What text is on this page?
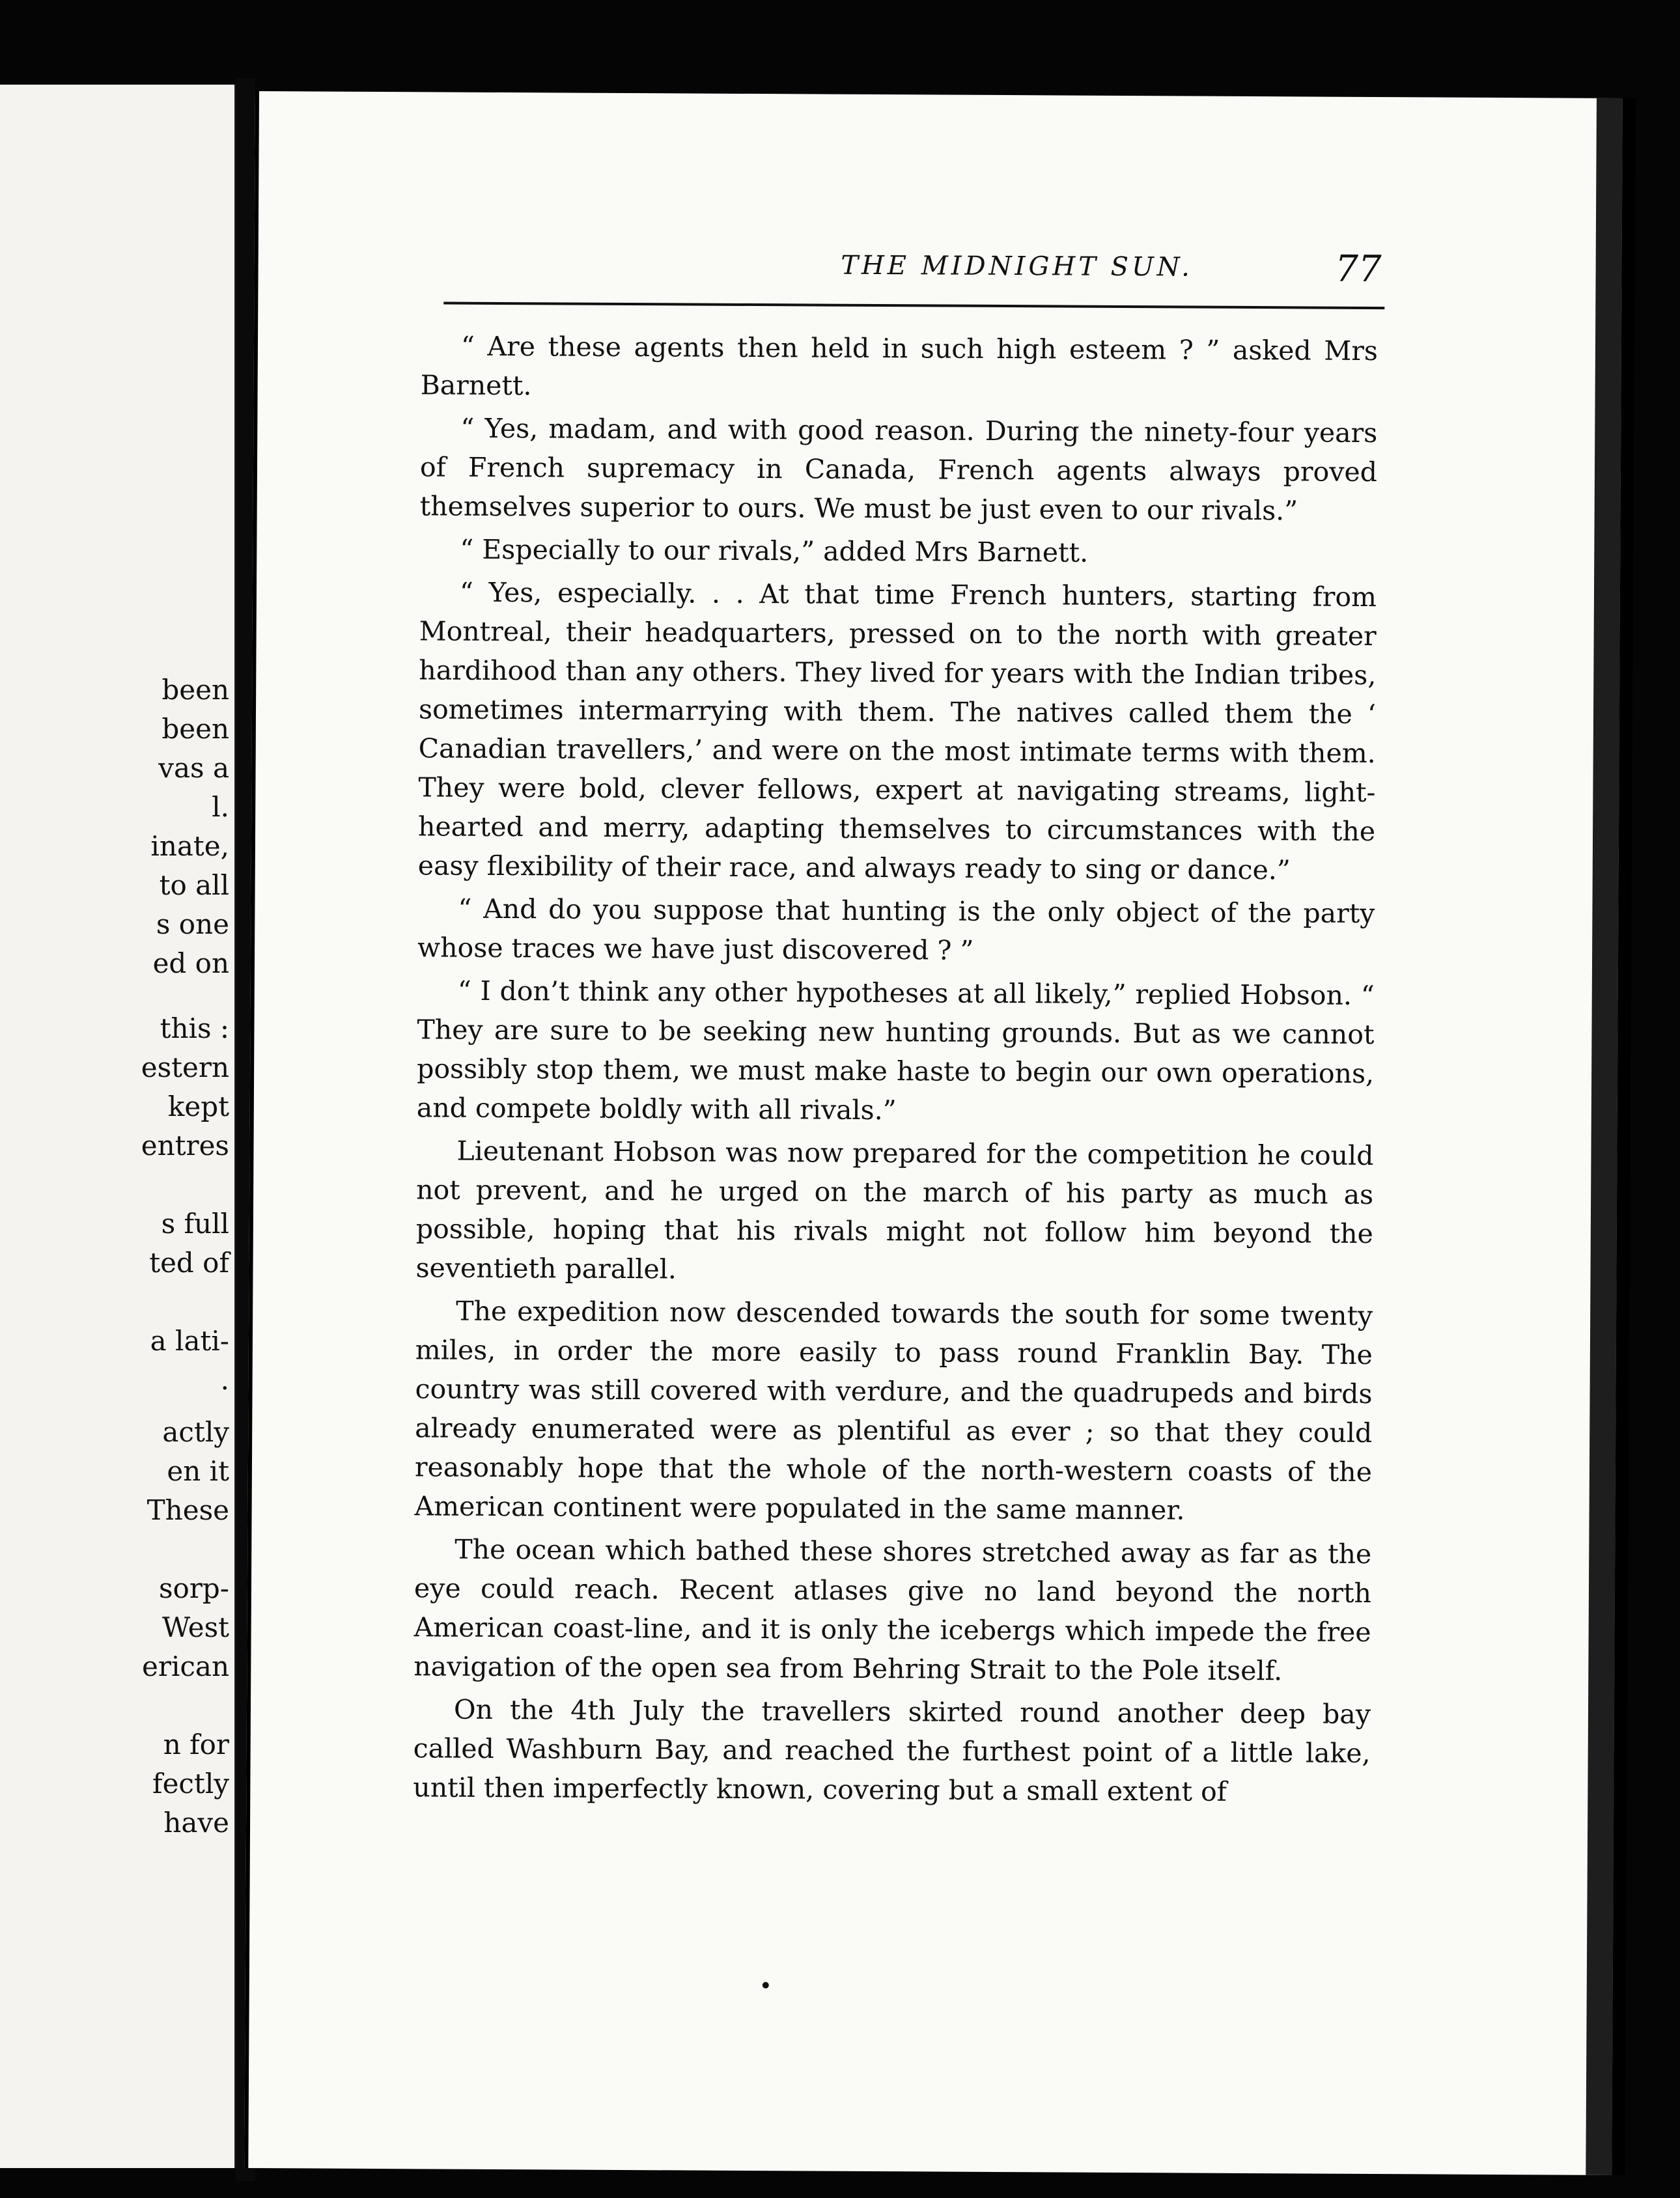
been
been
vas a
l.
inate,
to all
s one
ed on
this :
estern
kept
entres
s full
ted of
a lati-
.
actly
en it
These
sorp-
West
erican
n for
fectly
have
THE MIDNIGHT SUN.	77

“ Are these agents then held in such high esteem ? ” asked Mrs Barnett.

“ Yes, madam, and with good reason. During the ninety-four years of French supremacy in Canada, French agents always proved themselves superior to ours. We must be just even to our rivals.”

“ Especially to our rivals,” added Mrs Barnett.

“ Yes, especially. . . At that time French hunters, starting from Montreal, their headquarters, pressed on to the north with greater hardihood than any others. They lived for years with the Indian tribes, sometimes intermarrying with them. The natives called them the ‘ Canadian travellers,’ and were on the most intimate terms with them. They were bold, clever fellows, expert at navigating streams, light-hearted and merry, adapting themselves to circumstances with the easy flexibility of their race, and always ready to sing or dance.”

“ And do you suppose that hunting is the only object of the party whose traces we have just discovered ? ”

“ I don’t think any other hypotheses at all likely,” replied Hobson. “ They are sure to be seeking new hunting grounds. But as we cannot possibly stop them, we must make haste to begin our own operations, and compete boldly with all rivals.”

Lieutenant Hobson was now prepared for the competition he could not prevent, and he urged on the march of his party as much as possible, hoping that his rivals might not follow him beyond the seventieth parallel.

The expedition now descended towards the south for some twenty miles, in order the more easily to pass round Franklin Bay. The country was still covered with verdure, and the quadrupeds and birds already enumerated were as plentiful as ever ; so that they could reasonably hope that the whole of the north-western coasts of the American continent were populated in the same manner.

The ocean which bathed these shores stretched away as far as the eye could reach. Recent atlases give no land beyond the north American coast-line, and it is only the icebergs which impede the free navigation of the open sea from Behring Strait to the Pole itself.

On the 4th July the travellers skirted round another deep bay called Washburn Bay, and reached the furthest point of a little lake, until then imperfectly known, covering but a small extent of
